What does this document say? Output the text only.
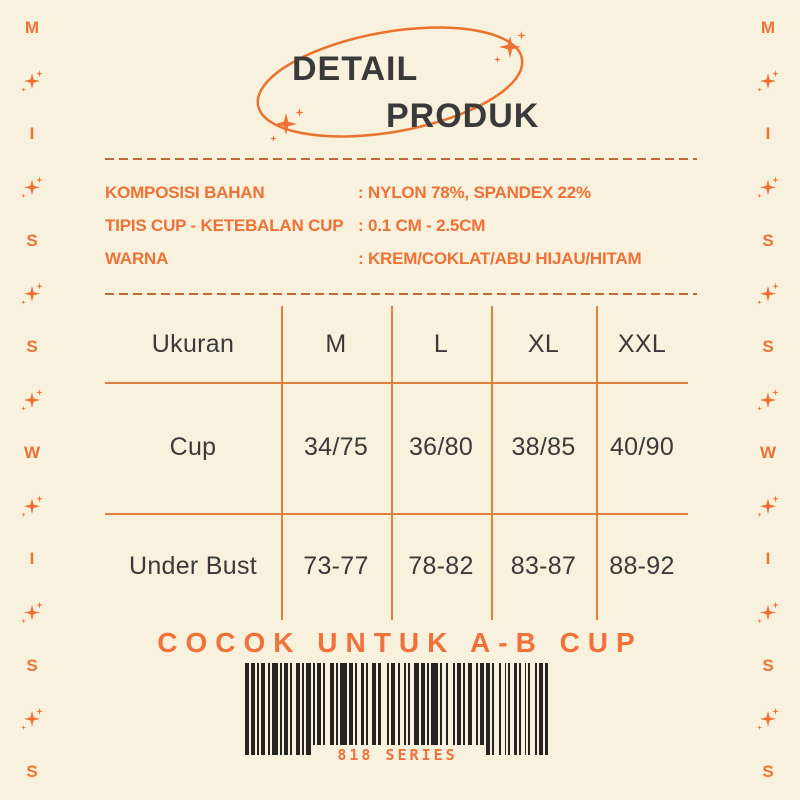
M
I
S
S
W
I
S
S
M
I
S
S
W
I
S
S
DETAIL
PRODUK
KOMPOSISI BAHAN	: NYLON 78%, SPANDEX 22%
TIPIS CUP - KETEBALAN CUP : 0.1 CM - 2.5CM
WARNA	: KREM/COKLAT/ABU HIJAU/HITAM
Ukuran	M	L	XL	XXL
Cup	34/75	36/80	38/85	40/90
Under Bust	73-77	78-82	83-87	88-92
COCOK UNTUK A-B CUP
818 SERIES
